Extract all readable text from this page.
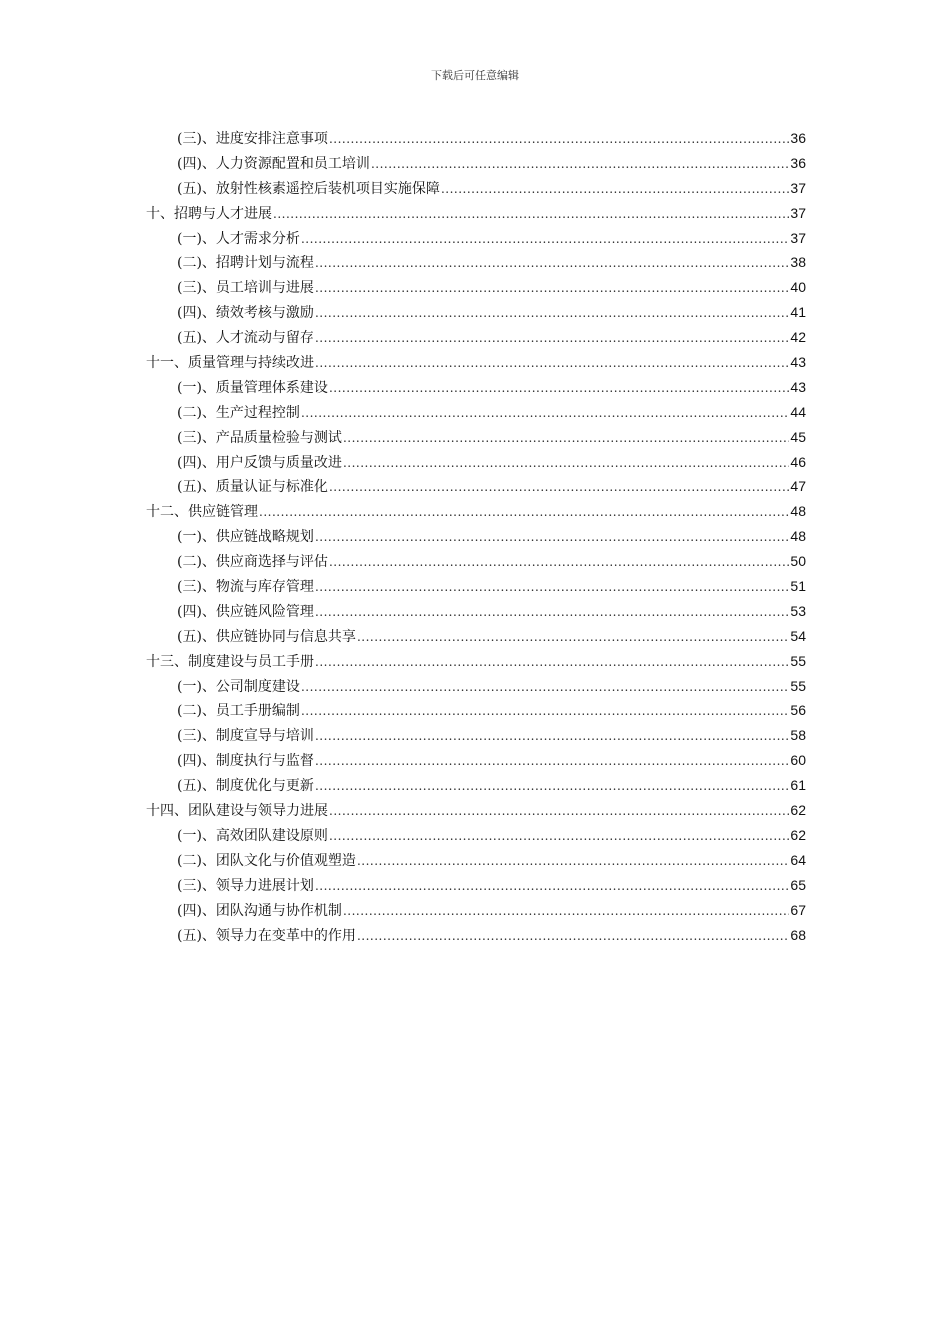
下载后可任意编辑
(三)、进度安排注意事项 .....	36
(四)、人力资源配置和员工培训 .....	36
(五)、放射性核素遥控后装机项目实施保障 .....	37
十、招聘与人才进展 .....	37
(一)、人才需求分析 .....	37
(二)、招聘计划与流程 .....	38
(三)、员工培训与进展 .....	40
(四)、绩效考核与激励 .....	41
(五)、人才流动与留存 .....	42
十一、质量管理与持续改进 .....	43
(一)、质量管理体系建设 .....	43
(二)、生产过程控制 .....	44
(三)、产品质量检验与测试 .....	45
(四)、用户反馈与质量改进 .....	46
(五)、质量认证与标准化 .....	47
十二、供应链管理 .....	48
(一)、供应链战略规划 .....	48
(二)、供应商选择与评估 .....	50
(三)、物流与库存管理 .....	51
(四)、供应链风险管理 .....	53
(五)、供应链协同与信息共享 .....	54
十三、制度建设与员工手册 .....	55
(一)、公司制度建设 .....	55
(二)、员工手册编制 .....	56
(三)、制度宣导与培训 .....	58
(四)、制度执行与监督 .....	60
(五)、制度优化与更新 .....	61
十四、团队建设与领导力进展 .....	62
(一)、高效团队建设原则 .....	62
(二)、团队文化与价值观塑造 .....	64
(三)、领导力进展计划 .....	65
(四)、团队沟通与协作机制 .....	67
(五)、领导力在变革中的作用 .....	68
